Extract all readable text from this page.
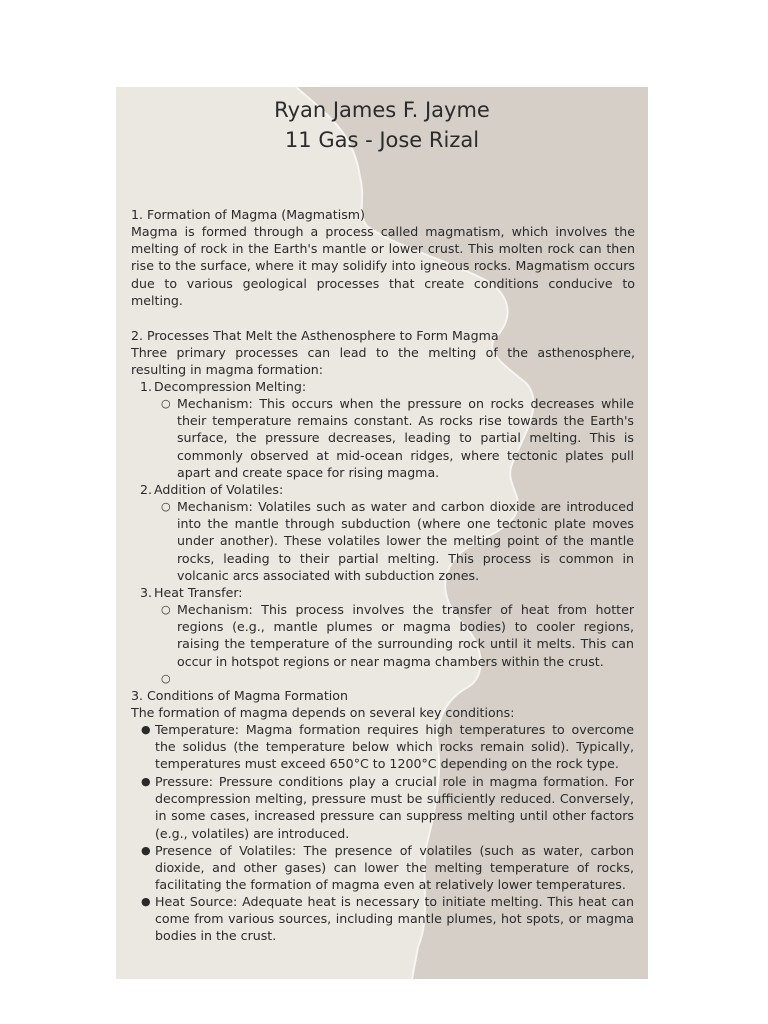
Ryan James F. Jayme
11 Gas - Jose Rizal
1. Formation of Magma (Magmatism)
Magma is formed through a process called magmatism, which involves the melting of rock in the Earth's mantle or lower crust. This molten rock can then rise to the surface, where it may solidify into igneous rocks. Magmatism occurs due to various geological processes that create conditions conducive to melting.
2. Processes That Melt the Asthenosphere to Form Magma
Three primary processes can lead to the melting of the asthenosphere, resulting in magma formation:
1. Decompression Melting:
○ Mechanism: This occurs when the pressure on rocks decreases while their temperature remains constant. As rocks rise towards the Earth's surface, the pressure decreases, leading to partial melting. This is commonly observed at mid-ocean ridges, where tectonic plates pull apart and create space for rising magma.
2. Addition of Volatiles:
○ Mechanism: Volatiles such as water and carbon dioxide are introduced into the mantle through subduction (where one tectonic plate moves under another). These volatiles lower the melting point of the mantle rocks, leading to their partial melting. This process is common in volcanic arcs associated with subduction zones.
3. Heat Transfer:
○ Mechanism: This process involves the transfer of heat from hotter regions (e.g., mantle plumes or magma bodies) to cooler regions, raising the temperature of the surrounding rock until it melts. This can occur in hotspot regions or near magma chambers within the crust.
○
3. Conditions of Magma Formation
The formation of magma depends on several key conditions:
● Temperature: Magma formation requires high temperatures to overcome the solidus (the temperature below which rocks remain solid). Typically, temperatures must exceed 650°C to 1200°C depending on the rock type.
● Pressure: Pressure conditions play a crucial role in magma formation. For decompression melting, pressure must be sufficiently reduced. Conversely, in some cases, increased pressure can suppress melting until other factors (e.g., volatiles) are introduced.
● Presence of Volatiles: The presence of volatiles (such as water, carbon dioxide, and other gases) can lower the melting temperature of rocks, facilitating the formation of magma even at relatively lower temperatures.
● Heat Source: Adequate heat is necessary to initiate melting. This heat can come from various sources, including mantle plumes, hot spots, or magma bodies in the crust.
